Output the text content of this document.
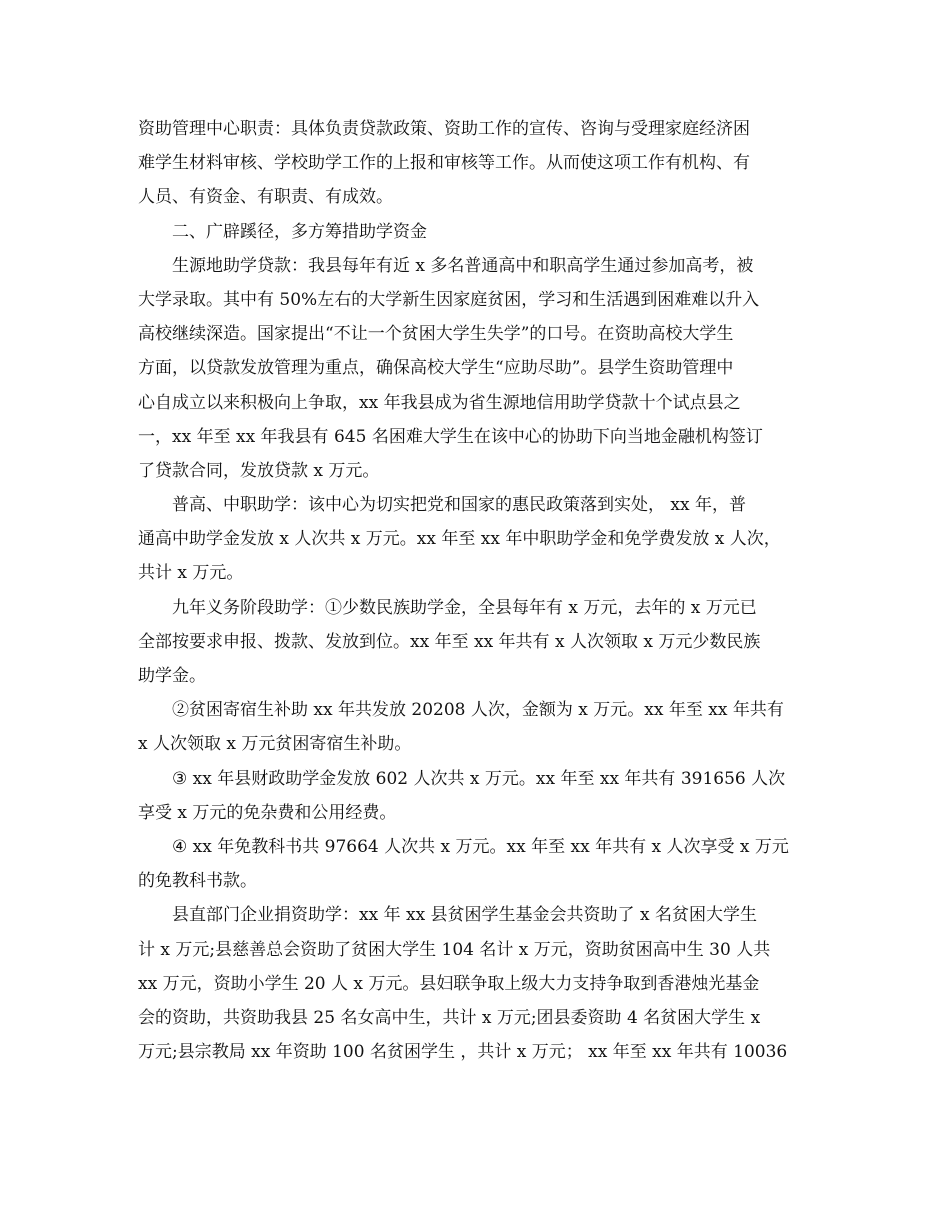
资助管理中心职责：具体负责贷款政策、资助工作的宣传、咨询与受理家庭经济困
难学生材料审核、学校助学工作的上报和审核等工作。从而使这项工作有机构、有
人员、有资金、有职责、有成效。

二、广辟蹊径，多方筹措助学资金

生源地助学贷款：我县每年有近 x 多名普通高中和职高学生通过参加高考，被
大学录取。其中有 50%左右的大学新生因家庭贫困，学习和生活遇到困难难以升入
高校继续深造。国家提出“不让一个贫困大学生失学”的口号。在资助高校大学生
方面，以贷款发放管理为重点，确保高校大学生“应助尽助”。县学生资助管理中
心自成立以来积极向上争取，xx 年我县成为省生源地信用助学贷款十个试点县之
一，xx 年至 xx 年我县有 645 名困难大学生在该中心的协助下向当地金融机构签订
了贷款合同，发放贷款 x 万元。

普高、中职助学：该中心为切实把党和国家的惠民政策落到实处， xx 年，普
通高中助学金发放 x 人次共 x 万元。xx 年至 xx 年中职助学金和免学费发放 x 人次，
共计 x 万元。

九年义务阶段助学：①少数民族助学金，全县每年有 x 万元，去年的 x 万元已
全部按要求申报、拨款、发放到位。xx 年至 xx 年共有 x 人次领取 x 万元少数民族
助学金。

②贫困寄宿生补助 xx 年共发放 20208 人次，金额为 x 万元。xx 年至 xx 年共有
x 人次领取 x 万元贫困寄宿生补助。

③ xx 年县财政助学金发放 602 人次共 x 万元。xx 年至 xx 年共有 391656 人次
享受 x 万元的免杂费和公用经费。

④ xx 年免教科书共 97664 人次共 x 万元。xx 年至 xx 年共有 x 人次享受 x 万元
的免教科书款。

县直部门企业捐资助学：xx 年 xx 县贫困学生基金会共资助了 x 名贫困大学生
计 x 万元;县慈善总会资助了贫困大学生 104 名计 x 万元，资助贫困高中生 30 人共
xx 万元，资助小学生 20 人 x 万元。县妇联争取上级大力支持争取到香港烛光基金
会的资助，共资助我县 25 名女高中生，共计 x 万元;团县委资助 4 名贫困大学生 x
万元;县宗教局 xx 年资助 100 名贫困学生 ，共计 x 万元； xx 年至 xx 年共有 10036
